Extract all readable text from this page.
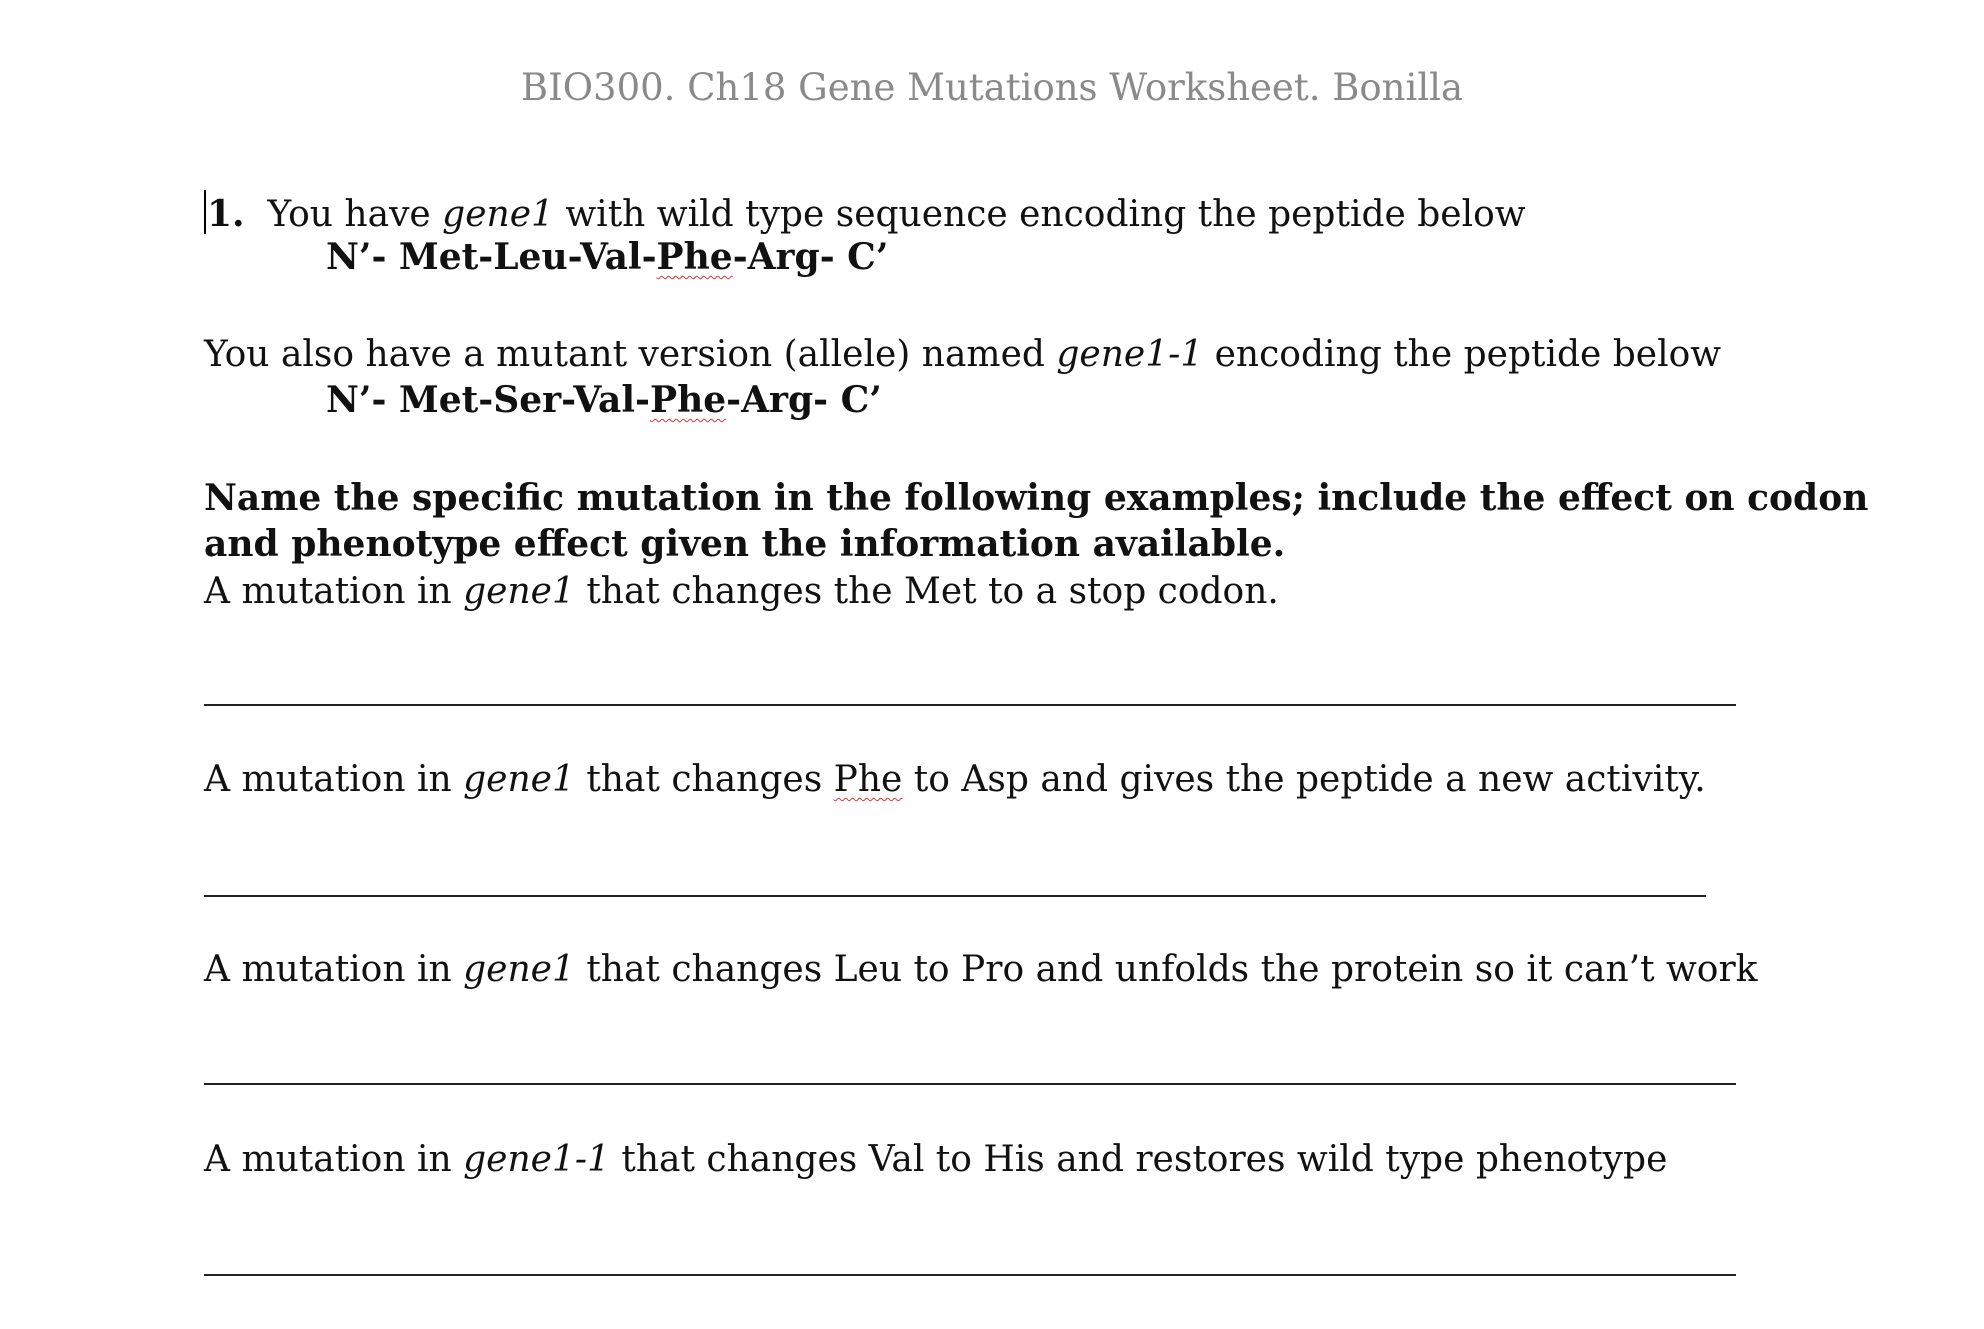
BIO300. Ch18 Gene Mutations Worksheet. Bonilla
1. You have gene1 with wild type sequence encoding the peptide below
N’- Met-Leu-Val-Phe-Arg- C’
You also have a mutant version (allele) named gene1-1 encoding the peptide below
N’- Met-Ser-Val-Phe-Arg- C’
Name the specific mutation in the following examples; include the effect on codon
and phenotype effect given the information available.
A mutation in gene1 that changes the Met to a stop codon.
A mutation in gene1 that changes Phe to Asp and gives the peptide a new activity.
A mutation in gene1 that changes Leu to Pro and unfolds the protein so it can’t work
A mutation in gene1-1 that changes Val to His and restores wild type phenotype
